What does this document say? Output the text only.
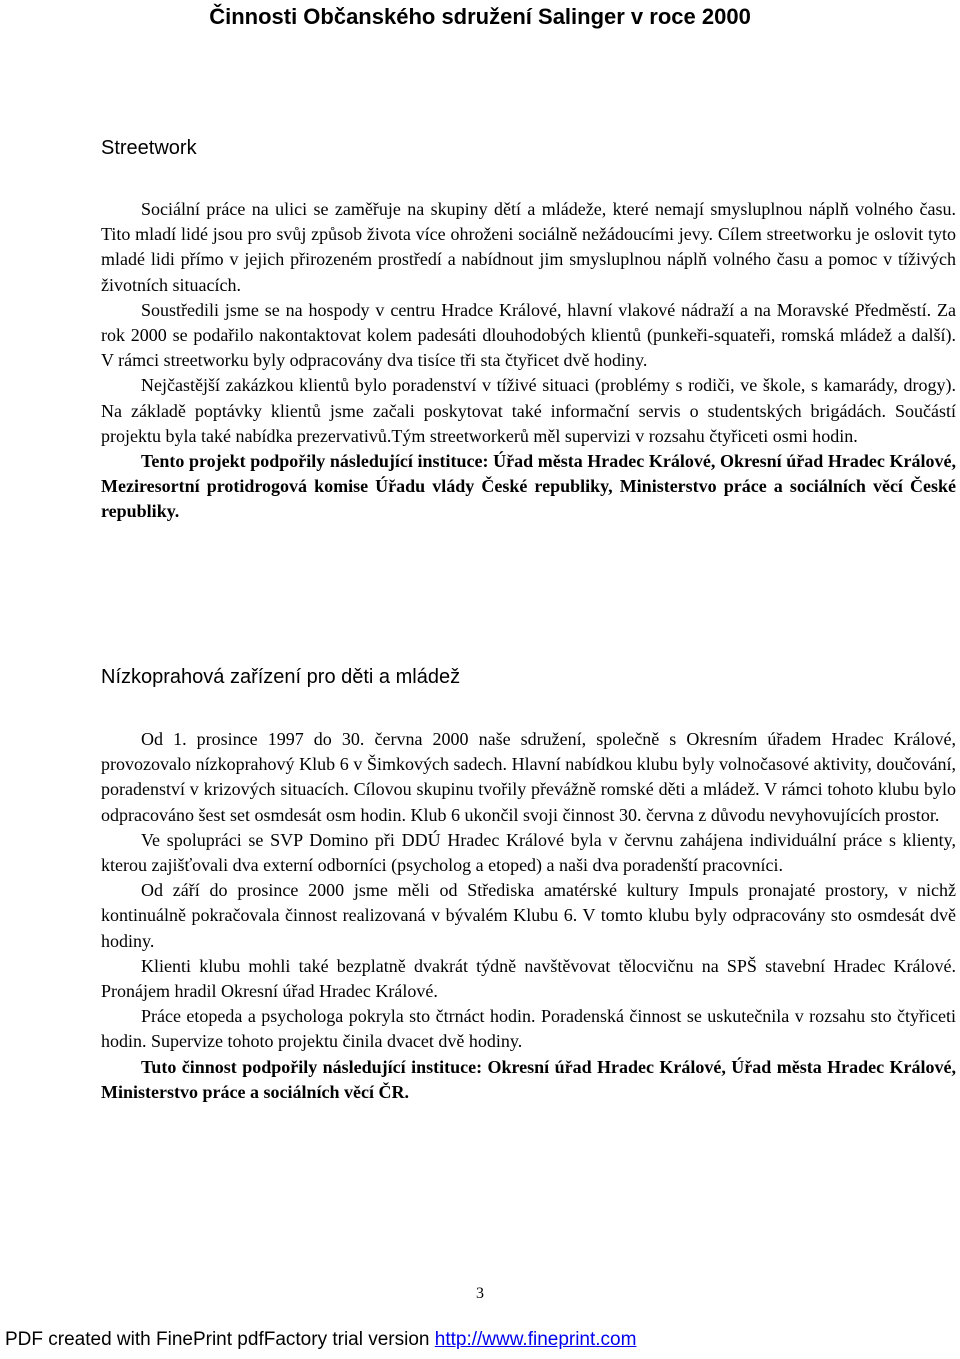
Činnosti Občanského sdružení Salinger v roce 2000
Streetwork

Sociální práce na ulici se zaměřuje na skupiny dětí a mládeže, které nemají smysluplnou náplň volného času. Tito mladí lidé jsou pro svůj způsob života více ohroženi sociálně nežádoucími jevy. Cílem streetworku je oslovit tyto mladé lidi přímo v jejich přirozeném prostředí a nabídnout jim smysluplnou náplň volného času a pomoc v tíživých životních situacích.

Soustředili jsme se na hospody v centru Hradce Králové, hlavní vlakové nádraží a na Moravské Předměstí. Za rok 2000 se podařilo nakontaktovat kolem padesáti dlouhodobých klientů (punkeři-squateři, romská mládež a další). V rámci streetworku byly odpracovány dva tisíce tři sta čtyřicet dvě hodiny.

Nejčastější zakázkou klientů bylo poradenství v tíživé situaci (problémy s rodiči, ve škole, s kamarády, drogy). Na základě poptávky klientů jsme začali poskytovat také informační servis o studentských brigádách. Součástí projektu byla také nabídka prezervativů.Tým streetworkerů měl supervizi v rozsahu čtyřiceti osmi hodin.

Tento projekt podpořily následující instituce: Úřad města Hradec Králové, Okresní úřad Hradec Králové, Meziresortní protidrogová komise Úřadu vlády České republiky, Ministerstvo práce a sociálních věcí České republiky.

Nízkoprahová zařízení pro děti a mládež

Od 1. prosince 1997 do 30. června 2000 naše sdružení, společně s Okresním úřadem Hradec Králové, provozovalo nízkoprahový Klub 6 v Šimkových sadech. Hlavní nabídkou klubu byly volnočasové aktivity, doučování, poradenství v krizových situacích. Cílovou skupinu tvořily převážně romské děti a mládež. V rámci tohoto klubu bylo odpracováno šest set osmdesát osm hodin. Klub 6 ukončil svoji činnost 30. června z důvodu nevyhovujících prostor.

Ve spolupráci se SVP Domino při DDÚ Hradec Králové byla v červnu zahájena individuální práce s klienty, kterou zajišťovali dva externí odborníci (psycholog a etoped) a naši dva poradenští pracovníci.

Od září do prosince 2000 jsme měli od Střediska amatérské kultury Impuls pronajaté prostory, v nichž kontinuálně pokračovala činnost realizovaná v bývalém Klubu 6. V tomto klubu byly odpracovány sto osmdesát dvě hodiny.

Klienti klubu mohli také bezplatně dvakrát týdně navštěvovat tělocvičnu na SPŠ stavební Hradec Králové. Pronájem hradil Okresní úřad Hradec Králové.

Práce etopeda a psychologa pokryla sto čtrnáct hodin. Poradenská činnost se uskutečnila v rozsahu sto čtyřiceti hodin. Supervize tohoto projektu činila dvacet dvě hodiny.

Tuto činnost podpořily následující instituce: Okresní úřad Hradec Králové, Úřad města Hradec Králové, Ministerstvo práce a sociálních věcí ČR.

3
PDF created with FinePrint pdfFactory trial version http://www.fineprint.com
